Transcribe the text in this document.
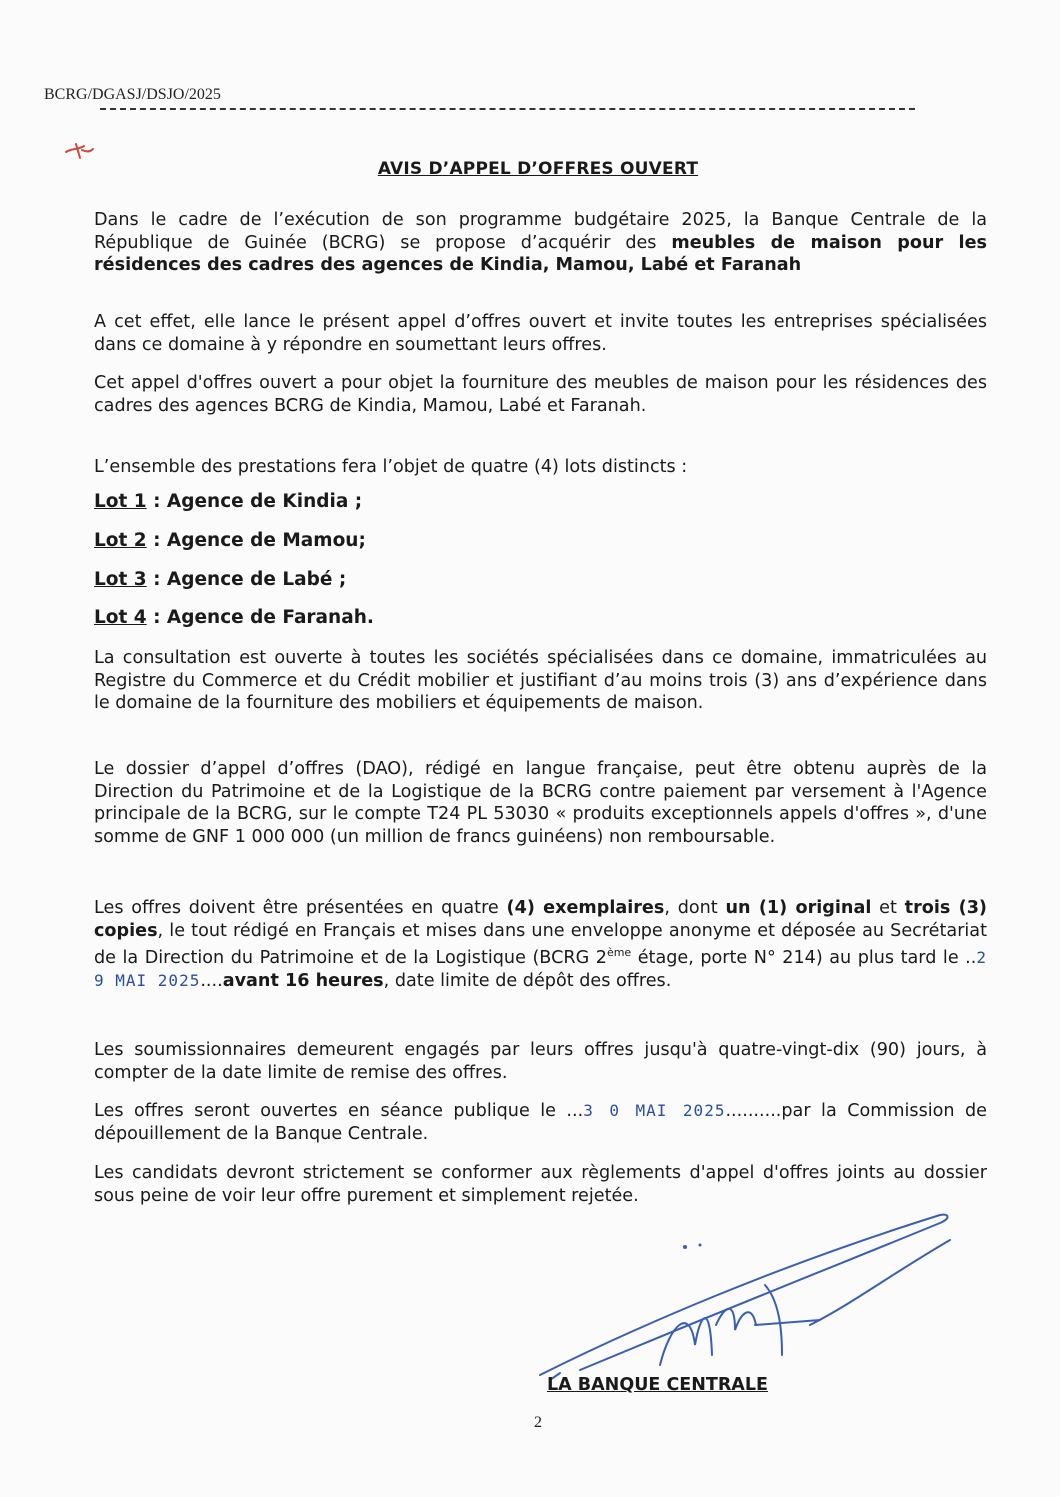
BCRG/DGASJ/DSJO/2025
AVIS D’APPEL D’OFFRES OUVERT

Dans le cadre de l’exécution de son programme budgétaire 2025, la Banque Centrale de la République de Guinée (BCRG) se propose d’acquérir des meubles de maison pour les résidences des cadres des agences de Kindia, Mamou, Labé et Faranah

A cet effet, elle lance le présent appel d’offres ouvert et invite toutes les entreprises spécialisées dans ce domaine à y répondre en soumettant leurs offres.

Cet appel d'offres ouvert a pour objet la fourniture des meubles de maison pour les résidences des cadres des agences BCRG de Kindia, Mamou, Labé et Faranah.

L’ensemble des prestations fera l’objet de quatre (4) lots distincts :

Lot 1 : Agence de Kindia ;
Lot 2 : Agence de Mamou;
Lot 3 : Agence de Labé ;
Lot 4 : Agence de Faranah.

La consultation est ouverte à toutes les sociétés spécialisées dans ce domaine, immatriculées au Registre du Commerce et du Crédit mobilier et justifiant d’au moins trois (3) ans d’expérience dans le domaine de la fourniture des mobiliers et équipements de maison.

Le dossier d’appel d’offres (DAO), rédigé en langue française, peut être obtenu auprès de la Direction du Patrimoine et de la Logistique de la BCRG contre paiement par versement à l'Agence principale de la BCRG, sur le compte T24 PL 53030 « produits exceptionnels appels d'offres », d'une somme de GNF 1 000 000 (un million de francs guinéens) non remboursable.

Les offres doivent être présentées en quatre (4) exemplaires, dont un (1) original et trois (3) copies, le tout rédigé en Français et mises dans une enveloppe anonyme et déposée au Secrétariat de la Direction du Patrimoine et de la Logistique (BCRG 2ème étage, porte N° 214) au plus tard le ..2 9 MAI 2025....avant 16 heures, date limite de dépôt des offres.

Les soumissionnaires demeurent engagés par leurs offres jusqu'à quatre-vingt-dix (90) jours, à compter de la date limite de remise des offres.

Les offres seront ouvertes en séance publique le ...3 0 MAI 2025..........par la Commission de dépouillement de la Banque Centrale.

Les candidats devront strictement se conformer aux règlements d'appel d'offres joints au dossier sous peine de voir leur offre purement et simplement rejetée.

LA BANQUE CENTRALE
2
